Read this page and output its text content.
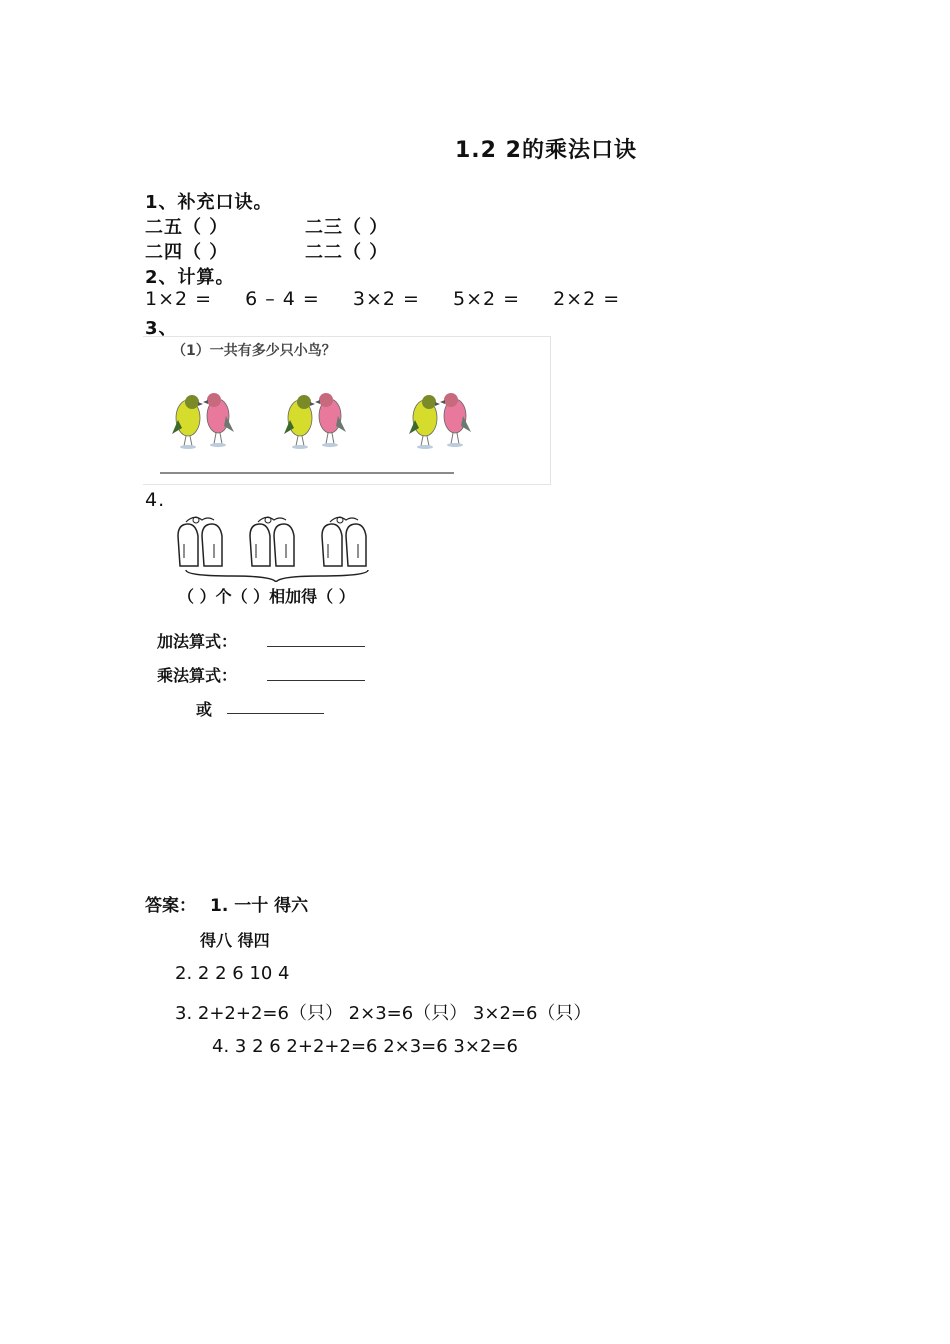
1.2 2的乘法口诀
1、补充口诀。
二五（ ）	二三（ ）
二四（ ）	二二（ ）
2、计算。
1×2 = 6 – 4 = 3×2 = 5×2 = 2×2 =
3、
（1）一共有多少只小鸟？
4.
（ ）个（ ）相加得（ ）
加法算式：
乘法算式：
或
答案： 1. 一十 得六
得八 得四
2. 2 2 6 10 4
3. 2+2+2=6（只） 2×3=6（只） 3×2=6（只）
4. 3 2 6 2+2+2=6 2×3=6 3×2=6
